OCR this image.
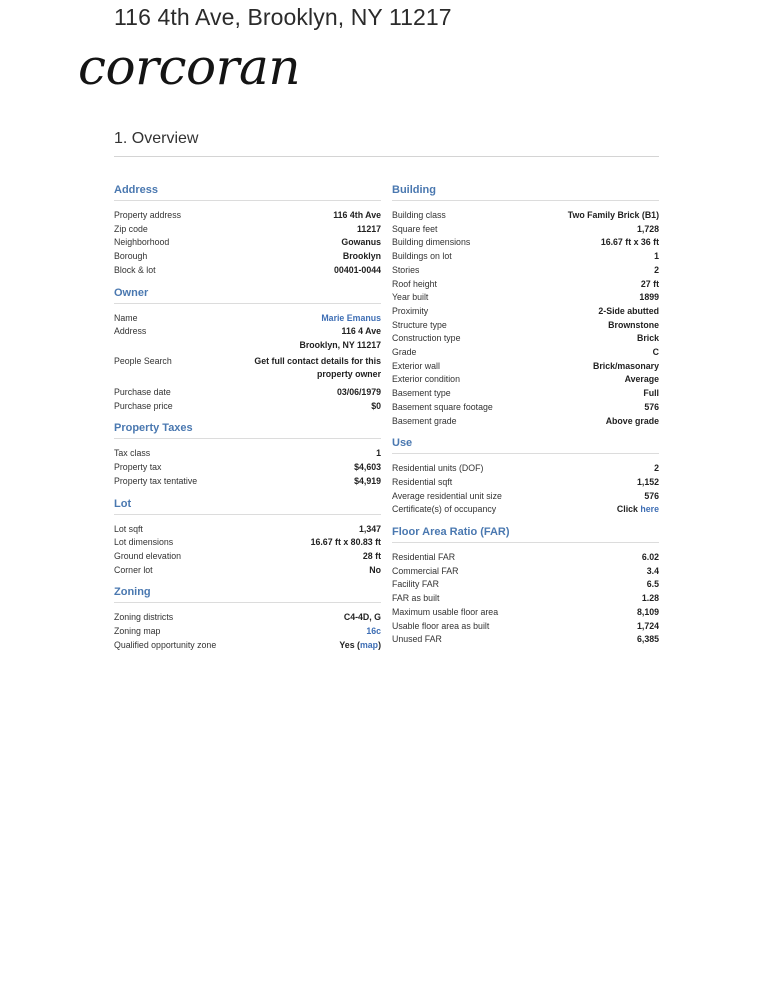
116 4th Ave, Brooklyn, NY 11217
corcoran
1. Overview
Address
Property address	116 4th Ave
Zip code	11217
Neighborhood	Gowanus
Borough	Brooklyn
Block & lot	00401-0044
Owner
Name	Marie Emanus
Address	116 4 Ave
Brooklyn, NY 11217
People Search	Get full contact details for this
property owner
Purchase date	03/06/1979
Purchase price	$0
Property Taxes
Tax class	1
Property tax	$4,603
Property tax tentative	$4,919
Lot
Lot sqft	1,347
Lot dimensions	16.67 ft x 80.83 ft
Ground elevation	28 ft
Corner lot	No
Zoning
Zoning districts	C4-4D, G
Zoning map	16c
Qualified opportunity zone	Yes (map)
Building
Building class	Two Family Brick (B1)
Square feet	1,728
Building dimensions	16.67 ft x 36 ft
Buildings on lot	1
Stories	2
Roof height	27 ft
Year built	1899
Proximity	2-Side abutted
Structure type	Brownstone
Construction type	Brick
Grade	C
Exterior wall	Brick/masonary
Exterior condition	Average
Basement type	Full
Basement square footage	576
Basement grade	Above grade
Use
Residential units (DOF)	2
Residential sqft	1,152
Average residential unit size	576
Certificate(s) of occupancy	Click here
Floor Area Ratio (FAR)
Residential FAR	6.02
Commercial FAR	3.4
Facility FAR	6.5
FAR as built	1.28
Maximum usable floor area	8,109
Usable floor area as built	1,724
Unused FAR	6,385
